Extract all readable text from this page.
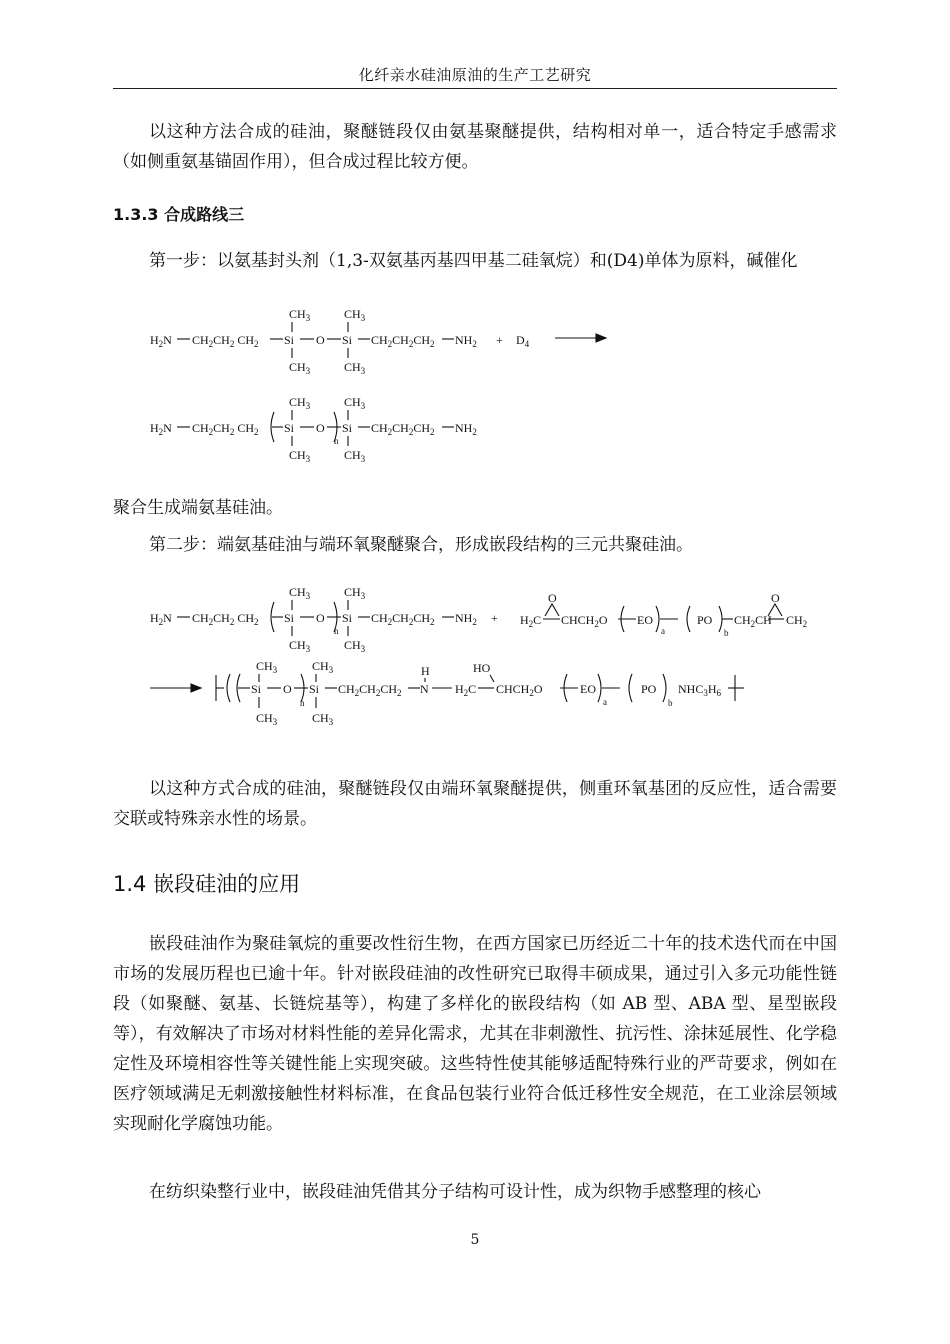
化纤亲水硅油原油的生产工艺研究

以这种方法合成的硅油，聚醚链段仅由氨基聚醚提供，结构相对单一，适合特定手感需求（如侧重氨基锚固作用），但合成过程比较方便。

1.3.3 合成路线三

第一步：以氨基封头剂（1,3-双氨基丙基四甲基二硅氧烷）和(D4)单体为原料，碱催化

$H_2N$ $CH_2CH_2$ $CH_2$ Si O Si $CH_2CH_2CH_2$ $NH_2$
$CH_3$
$CH_3$
$CH_3$
$CH_3$
+ $D_4$
$H_2N$ $CH_2CH_2$ $CH_2$ Si O
n
Si $CH_2CH_2CH_2$ $NH_2$
$CH_3$
$CH_3$
$CH_3$
$CH_3$

聚合生成端氨基硅油。

第二步：端氨基硅油与端环氧聚醚聚合，形成嵌段结构的三元共聚硅油。

$H_2N$ $CH_2CH_2$ $CH_2$ Si O
n
Si $CH_2CH_2CH_2$ $NH_2$
$CH_3$
$CH_3$
$CH_3$
$CH_3$
+ $H_2C$
O
$CHCH_2O$ EO
a
PO
b
$CH_2CH$
O
$CH_2$
Si O
n
Si $CH_2CH_2CH_2$
H
N $H_2C$
HO
$CHCH_2O$	EO
a
PO
b
$NHC_3H_6$
$CH_3$
$CH_3$
$CH_3$
$CH_3$

以这种方式合成的硅油，聚醚链段仅由端环氧聚醚提供，侧重环氧基团的反应性，适合需要交联或特殊亲水性的场景。

1.4 嵌段硅油的应用

嵌段硅油作为聚硅氧烷的重要改性衍生物，在西方国家已历经近二十年的技术迭代而在中国市场的发展历程也已逾十年。针对嵌段硅油的改性研究已取得丰硕成果，通过引入多元功能性链段（如聚醚、氨基、长链烷基等），构建了多样化的嵌段结构（如 AB 型、ABA 型、星型嵌段等），有效解决了市场对材料性能的差异化需求，尤其在非刺激性、抗污性、涂抹延展性、化学稳定性及环境相容性等关键性能上实现突破。这些特性使其能够适配特殊行业的严苛要求，例如在医疗领域满足无刺激接触性材料标准，在食品包装行业符合低迁移性安全规范，在工业涂层领域实现耐化学腐蚀功能。

在纺织染整行业中，嵌段硅油凭借其分子结构可设计性，成为织物手感整理的核心

5
